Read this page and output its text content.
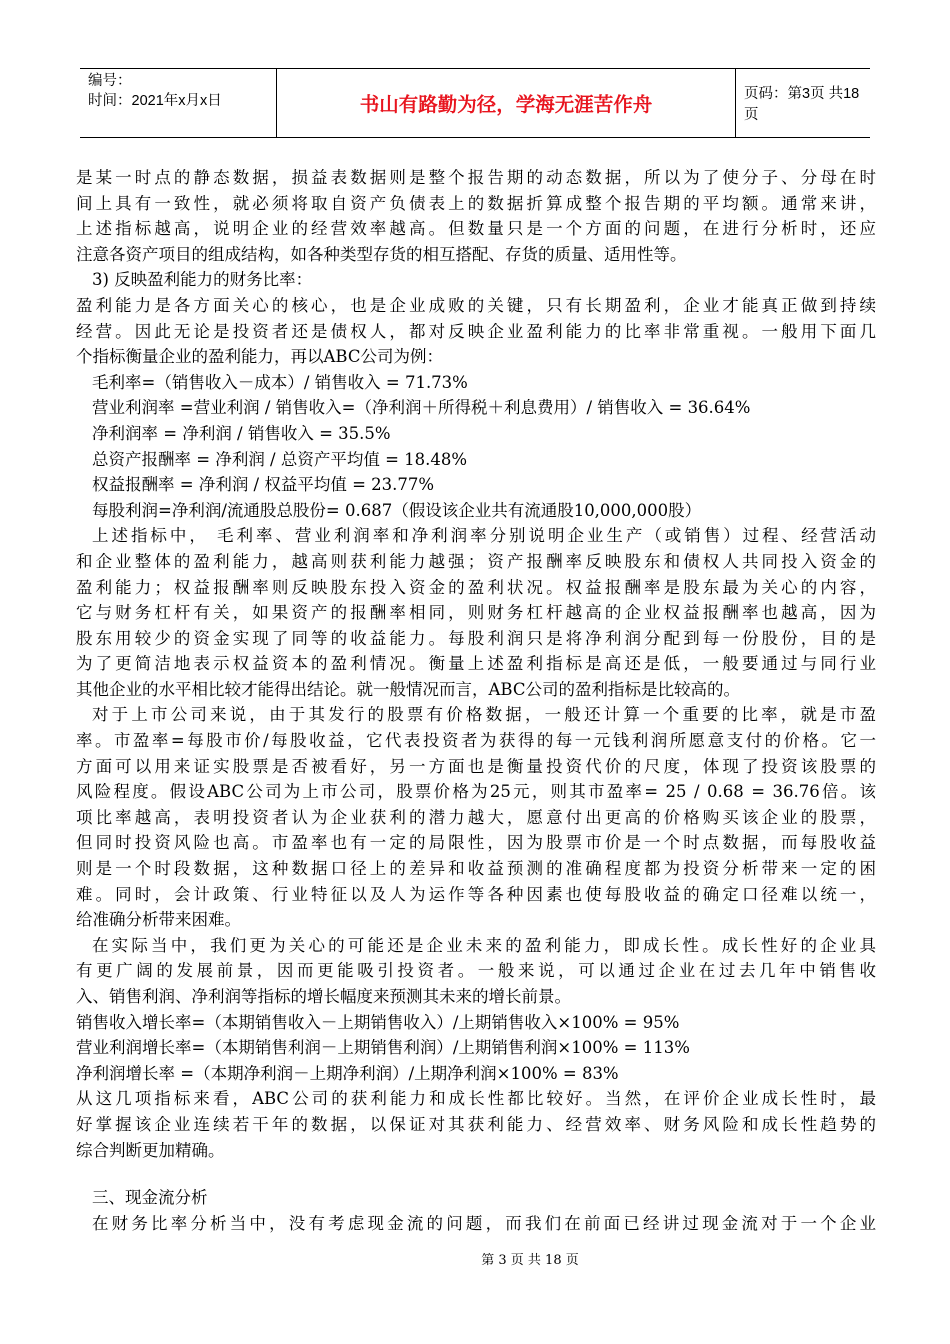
编号：
时间：2021年x月x日	书山有路勤为径，学海无涯苦作舟	页码：第3页 共18页
是某一时点的静态数据，损益表数据则是整个报告期的动态数据，所以为了使分子、分母在时
间上具有一致性，就必须将取自资产负债表上的数据折算成整个报告期的平均额。通常来讲，
上述指标越高，说明企业的经营效率越高。但数量只是一个方面的问题，在进行分析时，还应
注意各资产项目的组成结构，如各种类型存货的相互搭配、存货的质量、适用性等。
3) 反映盈利能力的财务比率：
盈利能力是各方面关心的核心，也是企业成败的关键，只有长期盈利，企业才能真正做到持续
经营。因此无论是投资者还是债权人，都对反映企业盈利能力的比率非常重视。一般用下面几
个指标衡量企业的盈利能力，再以ABC公司为例：
毛利率=（销售收入－成本）/ 销售收入 = 71.73%
营业利润率 =营业利润 / 销售收入=（净利润＋所得税＋利息费用）/ 销售收入 = 36.64%
净利润率 = 净利润 / 销售收入 = 35.5%
总资产报酬率 = 净利润 / 总资产平均值 = 18.48%
权益报酬率 = 净利润 / 权益平均值 = 23.77%
每股利润=净利润/流通股总股份= 0.687（假设该企业共有流通股10,000,000股）
上述指标中， 毛利率、营业利润率和净利润率分别说明企业生产（或销售）过程、经营活动
和企业整体的盈利能力，越高则获利能力越强；资产报酬率反映股东和债权人共同投入资金的
盈利能力；权益报酬率则反映股东投入资金的盈利状况。权益报酬率是股东最为关心的内容，
它与财务杠杆有关，如果资产的报酬率相同，则财务杠杆越高的企业权益报酬率也越高，因为
股东用较少的资金实现了同等的收益能力。每股利润只是将净利润分配到每一份股份，目的是
为了更简洁地表示权益资本的盈利情况。衡量上述盈利指标是高还是低，一般要通过与同行业
其他企业的水平相比较才能得出结论。就一般情况而言，ABC公司的盈利指标是比较高的。
对于上市公司来说，由于其发行的股票有价格数据，一般还计算一个重要的比率，就是市盈
率。市盈率=每股市价/每股收益，它代表投资者为获得的每一元钱利润所愿意支付的价格。它一
方面可以用来证实股票是否被看好，另一方面也是衡量投资代价的尺度，体现了投资该股票的
风险程度。假设ABC公司为上市公司，股票价格为25元，则其市盈率= 25 / 0.68 = 36.76倍。该
项比率越高，表明投资者认为企业获利的潜力越大，愿意付出更高的价格购买该企业的股票，
但同时投资风险也高。市盈率也有一定的局限性，因为股票市价是一个时点数据，而每股收益
则是一个时段数据，这种数据口径上的差异和收益预测的准确程度都为投资分析带来一定的困
难。同时，会计政策、行业特征以及人为运作等各种因素也使每股收益的确定口径难以统一，
给准确分析带来困难。
在实际当中，我们更为关心的可能还是企业未来的盈利能力，即成长性。成长性好的企业具
有更广阔的发展前景，因而更能吸引投资者。一般来说，可以通过企业在过去几年中销售收
入、销售利润、净利润等指标的增长幅度来预测其未来的增长前景。
销售收入增长率=（本期销售收入－上期销售收入）/上期销售收入×100% = 95%
营业利润增长率=（本期销售利润－上期销售利润）/上期销售利润×100% = 113%
净利润增长率 =（本期净利润－上期净利润）/上期净利润×100% = 83%
从这几项指标来看，ABC公司的获利能力和成长性都比较好。当然，在评价企业成长性时，最
好掌握该企业连续若干年的数据，以保证对其获利能力、经营效率、财务风险和成长性趋势的
综合判断更加精确。
三、现金流分析
在财务比率分析当中，没有考虑现金流的问题，而我们在前面已经讲过现金流对于一个企业
第 3 页 共 18 页
